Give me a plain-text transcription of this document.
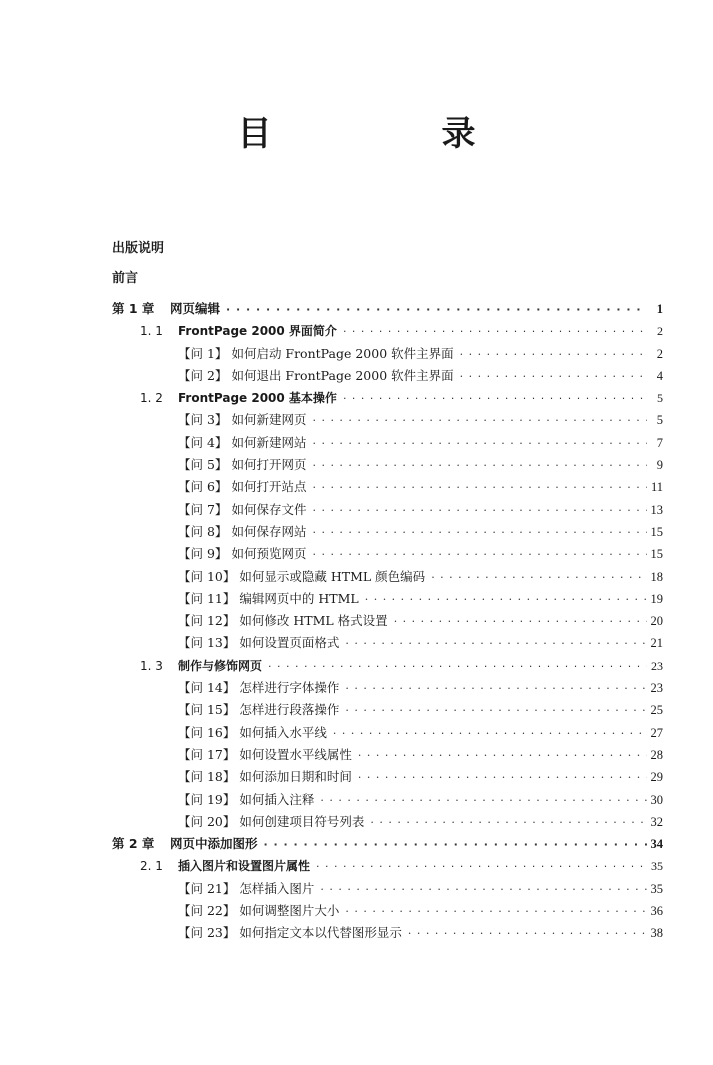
目　录
出版说明
前言
第 1 章	网页编辑 · · ·	1
1. 1	FrontPage 2000 界面简介 · · ·	2
【问 1】 如何启动 FrontPage 2000 软件主界面 · · ·	2
【问 2】 如何退出 FrontPage 2000 软件主界面 · · ·	4
1. 2	FrontPage 2000 基本操作 · · ·	5
【问 3】 如何新建网页 · · ·	5
【问 4】 如何新建网站 · · ·	7
【问 5】 如何打开网页 · · ·	9
【问 6】 如何打开站点 · · ·	11
【问 7】 如何保存文件 · · ·	13
【问 8】 如何保存网站 · · ·	15
【问 9】 如何预览网页 · · ·	15
【问 10】 如何显示或隐藏 HTML 颜色编码 · · ·	18
【问 11】 编辑网页中的 HTML · · ·	19
【问 12】 如何修改 HTML 格式设置 · · ·	20
【问 13】 如何设置页面格式 · · ·	21
1. 3	制作与修饰网页 · · ·	23
【问 14】 怎样进行字体操作 · · ·	23
【问 15】 怎样进行段落操作 · · ·	25
【问 16】 如何插入水平线 · · ·	27
【问 17】 如何设置水平线属性 · · ·	28
【问 18】 如何添加日期和时间 · · ·	29
【问 19】 如何插入注释 · · ·	30
【问 20】 如何创建项目符号列表 · · ·	32
第 2 章	网页中添加图形 · · ·	34
2. 1	插入图片和设置图片属性 · · ·	35
【问 21】 怎样插入图片 · · ·	35
【问 22】 如何调整图片大小 · · ·	36
【问 23】 如何指定文本以代替图形显示 · · ·	38
